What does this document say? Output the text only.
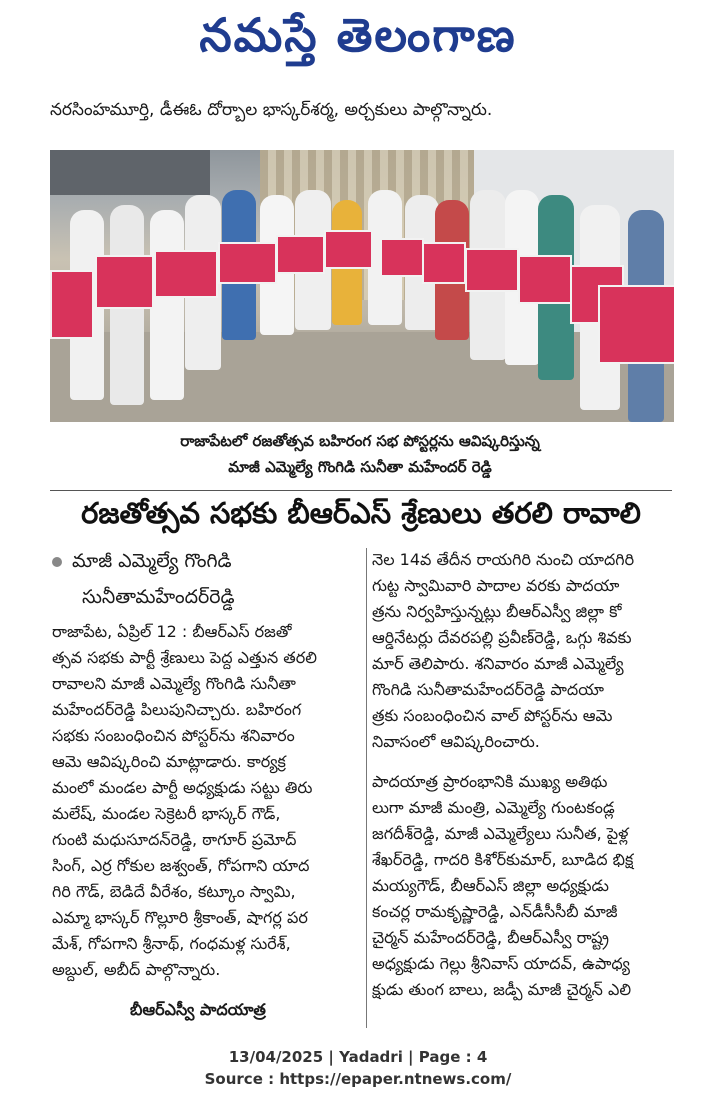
నమస్తే తెలంగాణ
నరసింహమూర్తి, డీఈఓ దోర్బాల భాస్కర్‌శర్మ, అర్చకులు పాల్గొన్నారు.
రాజాపేటలో రజతోత్సవ బహిరంగ సభ పోస్టర్లను ఆవిష్కరిస్తున్న
మాజీ ఎమ్మెల్యే గొంగిడి సునీతా మహేందర్ రెడ్డి
రజతోత్సవ సభకు బీఆర్‌ఎస్ శ్రేణులు తరలి రావాలి
మాజీ ఎమ్మెల్యే గొంగిడి
సునీతామహేందర్‌రెడ్డి
రాజాపేట, ఏప్రిల్ 12 : బీఆర్‌ఎస్ రజతో
త్సవ సభకు పార్టీ శ్రేణులు పెద్ద ఎత్తున తరలి
రావాలని మాజీ ఎమ్మెల్యే గొంగిడి సునీతా
మహేందర్‌రెడ్డి పిలుపునిచ్చారు. బహిరంగ
సభకు సంబంధించిన పోస్టర్‌ను శనివారం
ఆమె ఆవిష్కరించి మాట్లాడారు. కార్యక్ర
మంలో మండల పార్టీ అధ్యక్షుడు సట్టు తిరు
మలేష్, మండల సెక్రెటరీ భాస్కర్ గౌడ్,
గుంటి మధుసూదన్‌రెడ్డి, ఠాగూర్ ప్రమోద్
సింగ్, ఎర్ర గోకుల జశ్వంత్, గోపగాని యాద
గిరి గౌడ్, బెడిదే వీరేశం, కట్కూం స్వామి,
ఎమ్మా భాస్కర్ గొల్లూరి శ్రీకాంత్, షాగర్ల పర
మేశ్, గోపగాని శ్రీనాథ్, గంధమళ్ల సురేశ్,
అబ్దుల్, అబీద్ పాల్గొన్నారు.
బీఆర్‌ఎస్వీ పాదయాత్ర
నెల 14వ తేదీన రాయగిరి నుంచి యాదగిరి
గుట్ట స్వామివారి పాదాల వరకు పాదయా
త్రను నిర్వహిస్తున్నట్లు బీఆర్‌ఎస్వీ జిల్లా కో
ఆర్డినేటర్లు దేవరపల్లి ప్రవీణ్‌రెడ్డి, ఒగ్గు శివకు
మార్ తెలిపారు. శనివారం మాజీ ఎమ్మెల్యే
గొంగిడి సునీతామహేందర్‌రెడ్డి పాదయా
త్రకు సంబంధించిన వాల్ పోస్టర్‌ను ఆమె
నివాసంలో ఆవిష్కరించారు.
పాదయాత్ర ప్రారంభానికి ముఖ్య అతిథు
లుగా మాజీ మంత్రి, ఎమ్మెల్యే గుంటకండ్ల
జగదీశ్‌రెడ్డి, మాజీ ఎమ్మెల్యేలు సునీత, పైళ్ల
శేఖర్‌రెడ్డి, గాదరి కిశోర్‌కుమార్, బూడిద భిక్ష
మయ్యగౌడ్, బీఆర్‌ఎస్ జిల్లా అధ్యక్షుడు
కంచర్ల రామకృష్ణారెడ్డి, ఎన్‌డీసీసీబీ మాజీ
చైర్మన్ మహేందర్‌రెడ్డి, బీఆర్‌ఎస్వీ రాష్ట్ర
అధ్యక్షుడు గెల్లు శ్రీనివాస్ యాదవ్, ఉపాధ్య
క్షుడు తుంగ బాలు, జడ్పీ మాజీ చైర్మన్ ఎలి
13/04/2025 | Yadadri | Page : 4
Source : https://epaper.ntnews.com/
